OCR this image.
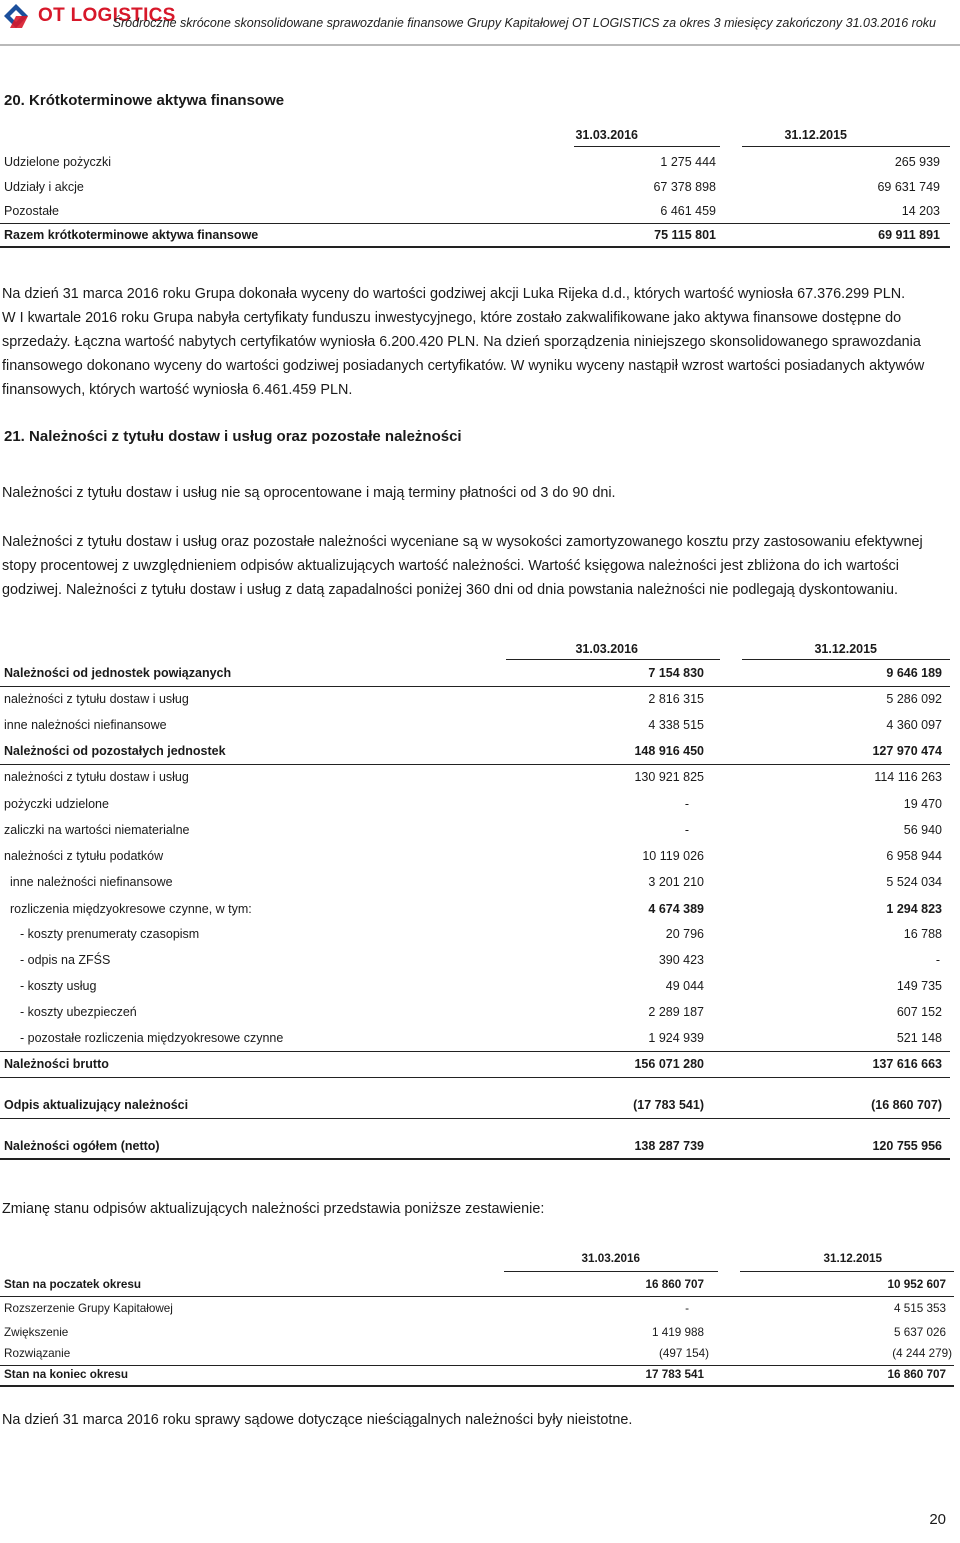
OT LOGISTICS
Śródroczne skrócone skonsolidowane sprawozdanie finansowe Grupy Kapitałowej OT LOGISTICS za okres 3 miesięcy zakończony 31.03.2016 roku
20. Krótkoterminowe aktywa finansowe
31.03.2016	31.12.2015
Udzielone pożyczki	1 275 444	265 939
Udziały i akcje	67 378 898	69 631 749
Pozostałe	6 461 459	14 203
Razem krótkoterminowe aktywa finansowe	75 115 801	69 911 891
Na dzień 31 marca 2016 roku Grupa dokonała wyceny do wartości godziwej akcji Luka Rijeka d.d., których wartość wyniosła 67.376.299 PLN.
W I kwartale 2016 roku Grupa nabyła certyfikaty funduszu inwestycyjnego, które zostało zakwalifikowane jako aktywa finansowe dostępne do
sprzedaży. Łączna wartość nabytych certyfikatów wyniosła 6.200.420 PLN. Na dzień sporządzenia niniejszego skonsolidowanego sprawozdania
finansowego dokonano wyceny do wartości godziwej posiadanych certyfikatów. W wyniku wyceny nastąpił wzrost wartości posiadanych aktywów
finansowych, których wartość wyniosła 6.461.459 PLN.
21. Należności z tytułu dostaw i usług oraz pozostałe należności
Należności z tytułu dostaw i usług nie są oprocentowane i mają terminy płatności od 3 do 90 dni.
Należności z tytułu dostaw i usług oraz pozostałe należności wyceniane są w wysokości zamortyzowanego kosztu przy zastosowaniu efektywnej
stopy procentowej z uwzględnieniem odpisów aktualizujących wartość należności. Wartość księgowa należności jest zbliżona do ich wartości
godziwej. Należności z tytułu dostaw i usług z datą zapadalności poniżej 360 dni od dnia powstania należności nie podlegają dyskontowaniu.
31.03.2016	31.12.2015
Należności od jednostek powiązanych	7 154 830	9 646 189
należności z tytułu dostaw i usług	2 816 315	5 286 092
inne należności niefinansowe	4 338 515	4 360 097
Należności od pozostałych jednostek	148 916 450	127 970 474
należności z tytułu dostaw i usług	130 921 825	114 116 263
pożyczki udzielone	-	19 470
zaliczki na wartości niematerialne	-	56 940
należności z tytułu podatków	10 119 026	6 958 944
inne należności niefinansowe	3 201 210	5 524 034
rozliczenia międzyokresowe czynne, w tym:	4 674 389	1 294 823
- koszty prenumeraty czasopism	20 796	16 788
- odpis na ZFŚS	390 423	-
- koszty usług	49 044	149 735
- koszty ubezpieczeń	2 289 187	607 152
- pozostałe rozliczenia międzyokresowe czynne	1 924 939	521 148
Należności brutto	156 071 280	137 616 663
Odpis aktualizujący należności	(17 783 541)	(16 860 707)
Należności ogółem (netto)	138 287 739	120 755 956
Zmianę stanu odpisów aktualizujących należności przedstawia poniższe zestawienie:
31.03.2016	31.12.2015
Stan na poczatek okresu	16 860 707	10 952 607
Rozszerzenie Grupy Kapitałowej	-	4 515 353
Zwiększenie	1 419 988	5 637 026
Rozwiązanie	(497 154)	(4 244 279)
Stan na koniec okresu	17 783 541	16 860 707
Na dzień 31 marca 2016 roku sprawy sądowe dotyczące nieściągalnych należności były nieistotne.
20
